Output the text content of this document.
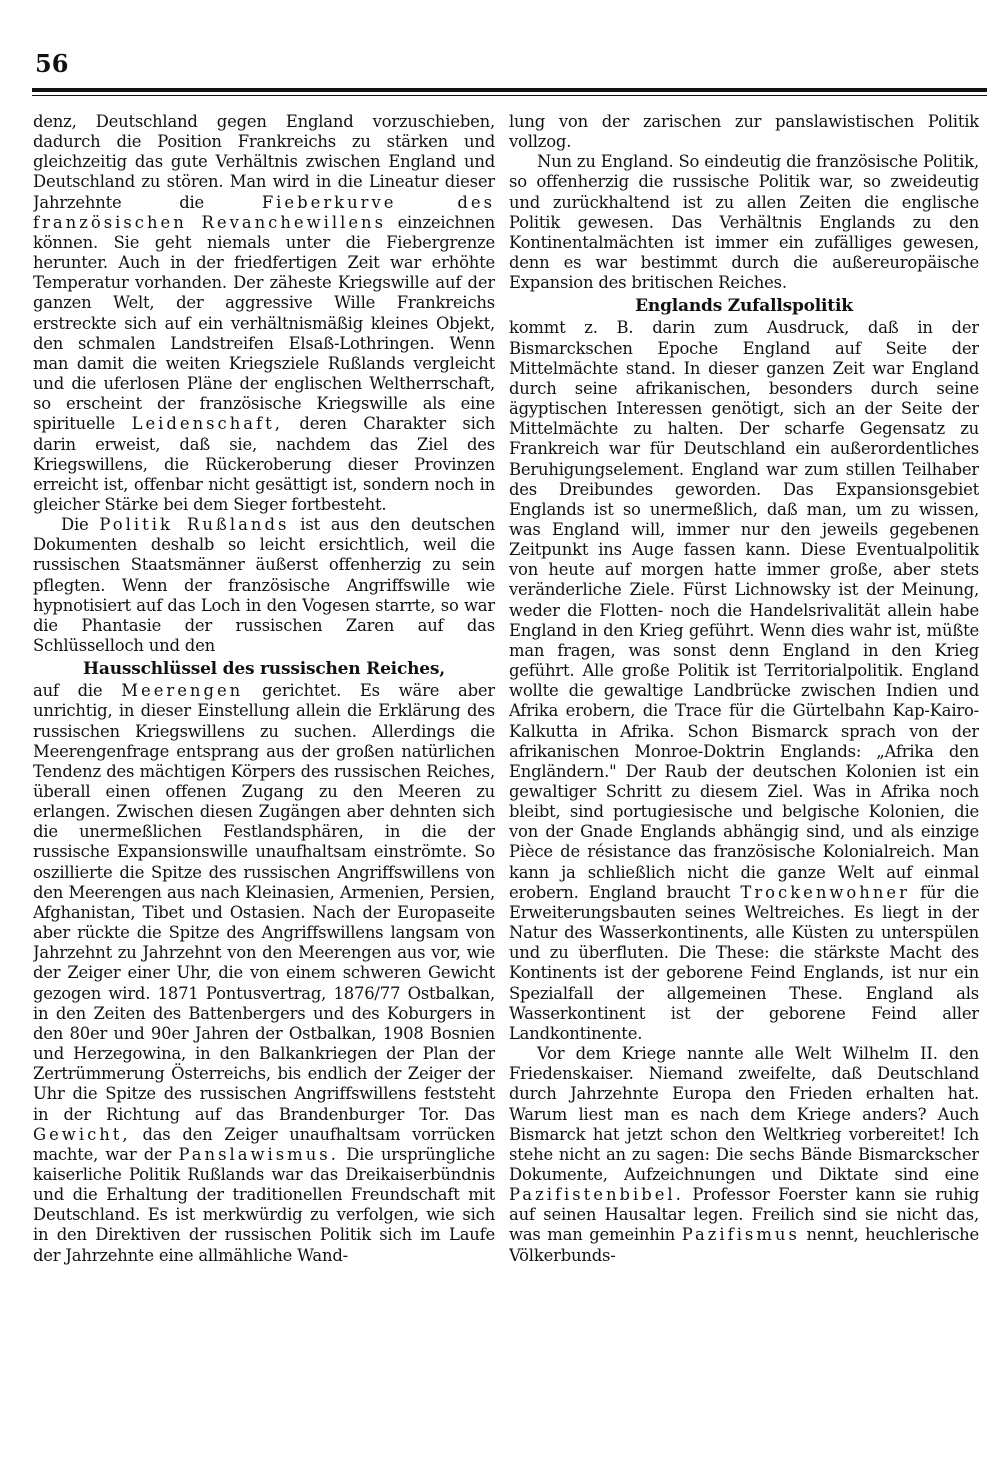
56

denz, Deutschland gegen England vorzuschieben, dadurch die Position Frankreichs zu stärken und gleichzeitig das gute Verhältnis zwischen England und Deutschland zu stören. Man wird in die Lineatur dieser Jahrzehnte die	Fieberkurve des französischen Revanchewillens einzeichnen können. Sie geht niemals unter die Fiebergrenze herunter. Auch in der friedfertigen Zeit war erhöhte Temperatur vorhanden. Der zäheste Kriegswille auf der ganzen Welt, der aggressive Wille Frankreichs erstreckte sich auf ein verhältnismäßig kleines Objekt, den schmalen Landstreifen Elsaß-Lothringen. Wenn man damit die weiten Kriegsziele Rußlands vergleicht und die uferlosen Pläne der englischen Weltherrschaft, so erscheint der französische Kriegswille als eine spirituelle Leidenschaft, deren Charakter sich darin erweist, daß sie, nachdem das Ziel des Kriegswillens, die Rückeroberung dieser Provinzen erreicht ist, offenbar nicht gesättigt ist, sondern noch in gleicher Stärke bei dem Sieger fortbesteht.

Die Politik Rußlands ist aus den deutschen Dokumenten deshalb so leicht ersichtlich, weil die russischen Staatsmänner äußerst offenherzig zu sein pflegten. Wenn der französische Angriffswille wie hypnotisiert auf das Loch in den Vogesen starrte, so war die Phantasie der russischen Zaren auf das Schlüsselloch und den

Hausschlüssel des russischen Reiches,

auf die Meerengen gerichtet. Es wäre aber unrichtig, in dieser Einstellung allein die Erklärung des russischen Kriegswillens zu suchen. Allerdings die Meerengenfrage entsprang aus der großen natürlichen Tendenz des mächtigen Körpers des russischen Reiches, überall einen offenen Zugang zu den Meeren zu erlangen. Zwischen diesen Zugängen aber dehnten sich die unermeßlichen Festlandsphären, in die der russische Expansionswille unaufhaltsam einströmte. So oszillierte die Spitze des russischen Angriffswillens von den Meerengen aus nach Kleinasien, Armenien, Persien, Afghanistan, Tibet und Ostasien. Nach der Europaseite aber rückte die Spitze des Angriffswillens langsam von Jahrzehnt zu Jahrzehnt von den Meerengen aus vor, wie der Zeiger einer Uhr, die von einem schweren Gewicht gezogen wird. 1871 Pontusvertrag, 1876/77 Ostbalkan, in den Zeiten des Battenbergers und des Koburgers in den 80er und 90er Jahren der Ostbalkan, 1908 Bosnien und Herzegowina, in den Balkankriegen der Plan der Zertrümmerung Österreichs, bis endlich der Zeiger der Uhr die Spitze des russischen Angriffswillens feststeht in der Richtung auf das Brandenburger Tor. Das Gewicht, das den Zeiger unaufhaltsam vorrücken machte, war der Panslawismus. Die ursprüngliche kaiserliche Politik Rußlands war das Dreikaiserbündnis und die Erhaltung der traditionellen Freundschaft mit Deutschland. Es ist merkwürdig zu verfolgen, wie sich in den Direktiven der russischen Politik sich im Laufe der Jahrzehnte eine allmähliche Wand-

lung von der zarischen zur panslawistischen Politik vollzog.

Nun zu England. So eindeutig die französische Politik, so offenherzig die russische Politik war, so zweideutig und zurückhaltend ist zu allen Zeiten die englische Politik gewesen. Das Verhältnis Englands zu den Kontinentalmächten ist immer ein zufälliges gewesen, denn es war bestimmt durch die außereuropäische Expansion des britischen Reiches.

Englands Zufallspolitik

kommt z. B. darin zum Ausdruck, daß in der Bismarckschen Epoche England auf Seite der Mittelmächte stand. In dieser ganzen Zeit war England durch seine afrikanischen, besonders durch seine ägyptischen Interessen genötigt, sich an der Seite der Mittelmächte zu halten. Der scharfe Gegensatz zu Frankreich war für Deutschland ein außerordentliches Beruhigungselement. England war zum stillen Teilhaber des Dreibundes geworden. Das Expansionsgebiet Englands ist so unermeßlich, daß man, um zu wissen, was England will, immer nur den jeweils gegebenen Zeitpunkt ins Auge fassen kann. Diese Eventualpolitik von heute auf morgen hatte immer große, aber stets veränderliche Ziele. Fürst Lichnowsky ist der Meinung, weder die Flotten- noch die Handelsrivalität allein habe England in den Krieg geführt. Wenn dies wahr ist, müßte man fragen, was sonst denn England in den Krieg geführt. Alle große Politik ist Territorialpolitik. England wollte die gewaltige Landbrücke zwischen Indien und Afrika erobern, die Trace für die Gürtelbahn Kap-Kairo-Kalkutta in Afrika. Schon Bismarck sprach von der afrikanischen Monroe-Doktrin Englands: „Afrika den Engländern." Der Raub der deutschen Kolonien ist ein gewaltiger Schritt zu diesem Ziel. Was in Afrika noch bleibt, sind portugiesische und belgische Kolonien, die von der Gnade Englands abhängig sind, und als einzige Pièce de résistance das französische Kolonialreich. Man kann ja schließlich nicht die ganze Welt auf einmal erobern. England braucht Trockenwohner für die Erweiterungsbauten seines Weltreiches. Es liegt in der Natur des Wasserkontinents, alle Küsten zu unterspülen und zu überfluten. Die These: die stärkste Macht des Kontinents ist der geborene Feind Englands, ist nur ein Spezialfall der allgemeinen These. England als Wasserkontinent ist der geborene Feind aller Landkontinente.

Vor dem Kriege nannte alle Welt Wilhelm II. den Friedenskaiser. Niemand zweifelte, daß Deutschland durch Jahrzehnte Europa den Frieden erhalten hat. Warum liest man es nach dem Kriege anders? Auch Bismarck hat jetzt schon den Weltkrieg vorbereitet! Ich stehe nicht an zu sagen: Die sechs Bände Bismarckscher Dokumente, Aufzeichnungen und Diktate sind eine Pazifistenbibel. Professor Foerster kann sie ruhig auf seinen Hausaltar legen. Freilich sind sie nicht das, was man gemeinhin Pazifismus nennt, heuchlerische Völkerbunds-
